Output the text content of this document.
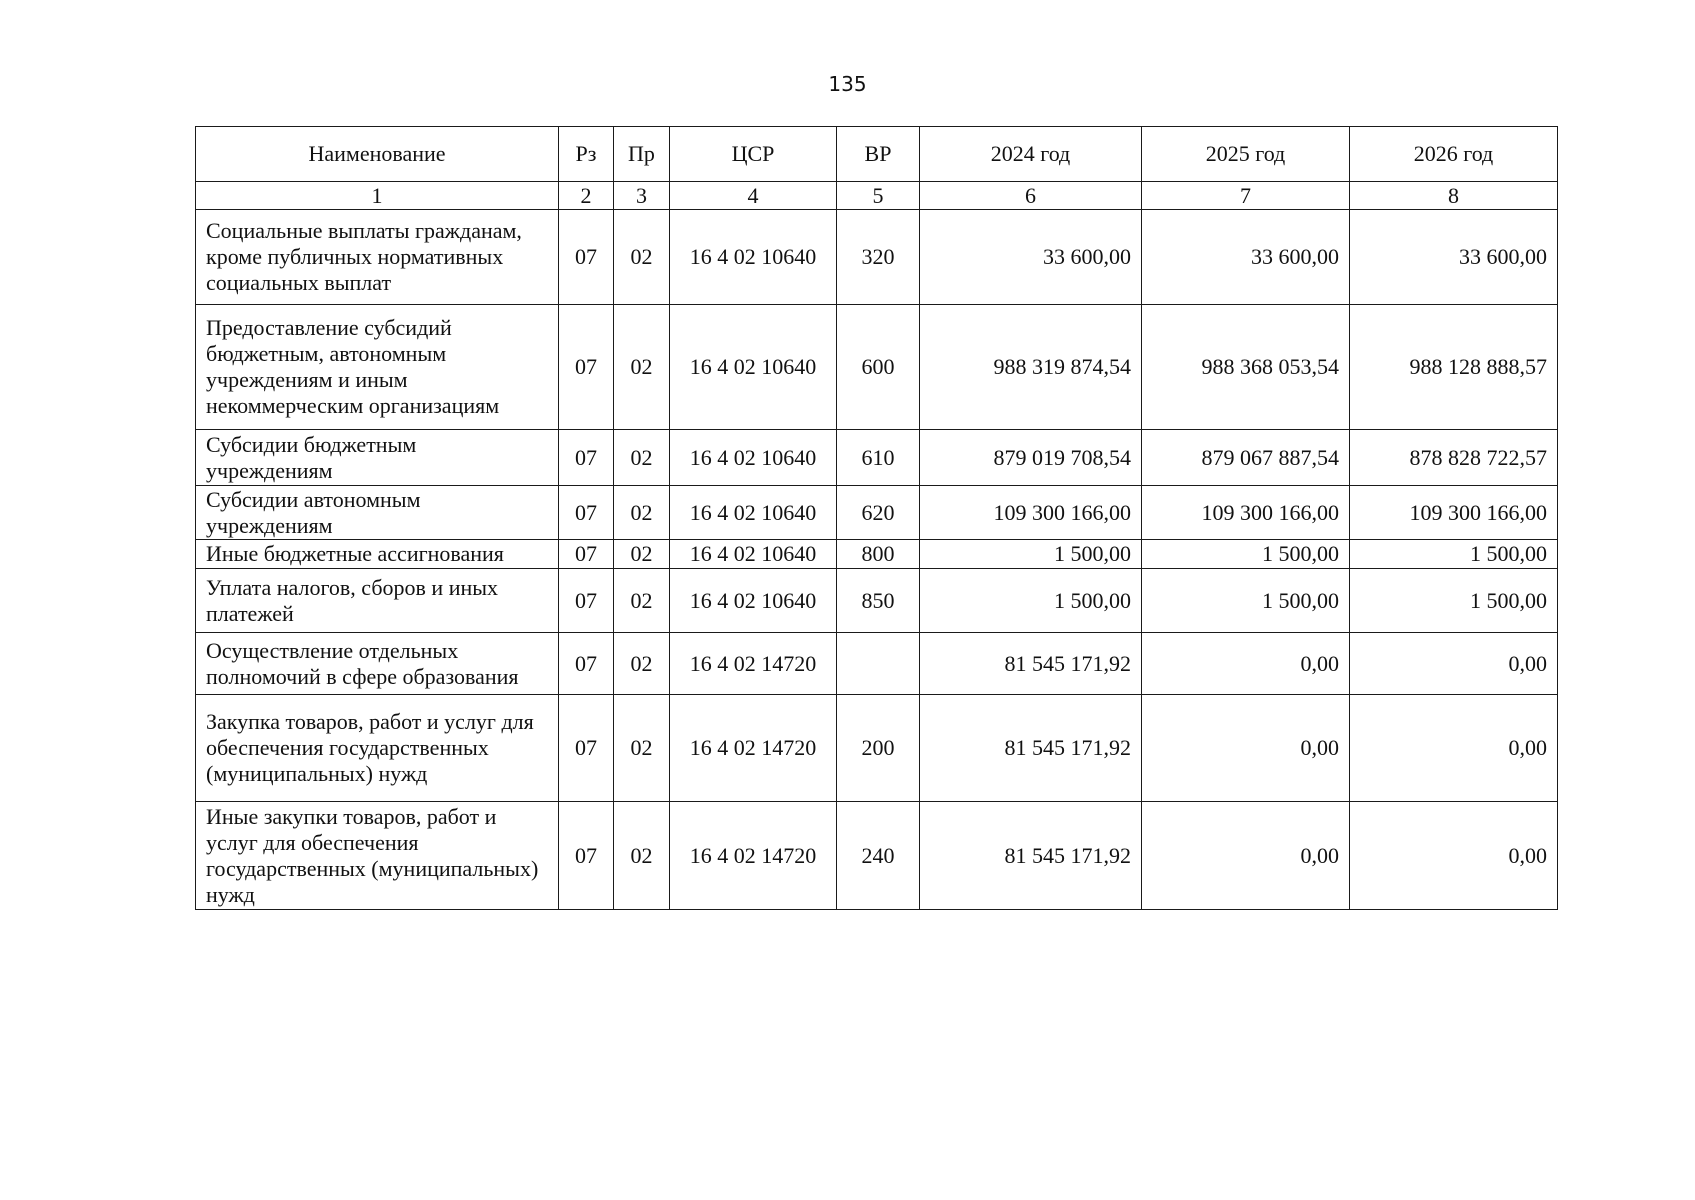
135
Наименование	Рз	Пр	ЦСР	ВР	2024 год	2025 год	2026 год
1	2	3	4	5	6	7	8
Социальные выплаты гражданам, кроме публичных нормативных социальных выплат	07	02	16 4 02 10640	320	33 600,00	33 600,00	33 600,00
Предоставление субсидий бюджетным, автономным учреждениям и иным некоммерческим организациям	07	02	16 4 02 10640	600	988 319 874,54	988 368 053,54	988 128 888,57
Субсидии бюджетным учреждениям	07	02	16 4 02 10640	610	879 019 708,54	879 067 887,54	878 828 722,57
Субсидии автономным учреждениям	07	02	16 4 02 10640	620	109 300 166,00	109 300 166,00	109 300 166,00
Иные бюджетные ассигнования	07	02	16 4 02 10640	800	1 500,00	1 500,00	1 500,00
Уплата налогов, сборов и иных платежей	07	02	16 4 02 10640	850	1 500,00	1 500,00	1 500,00
Осуществление отдельных полномочий в сфере образования	07	02	16 4 02 14720		81 545 171,92	0,00	0,00
Закупка товаров, работ и услуг для обеспечения государственных (муниципальных) нужд	07	02	16 4 02 14720	200	81 545 171,92	0,00	0,00
Иные закупки товаров, работ и услуг для обеспечения государственных (муниципальных) нужд	07	02	16 4 02 14720	240	81 545 171,92	0,00	0,00
